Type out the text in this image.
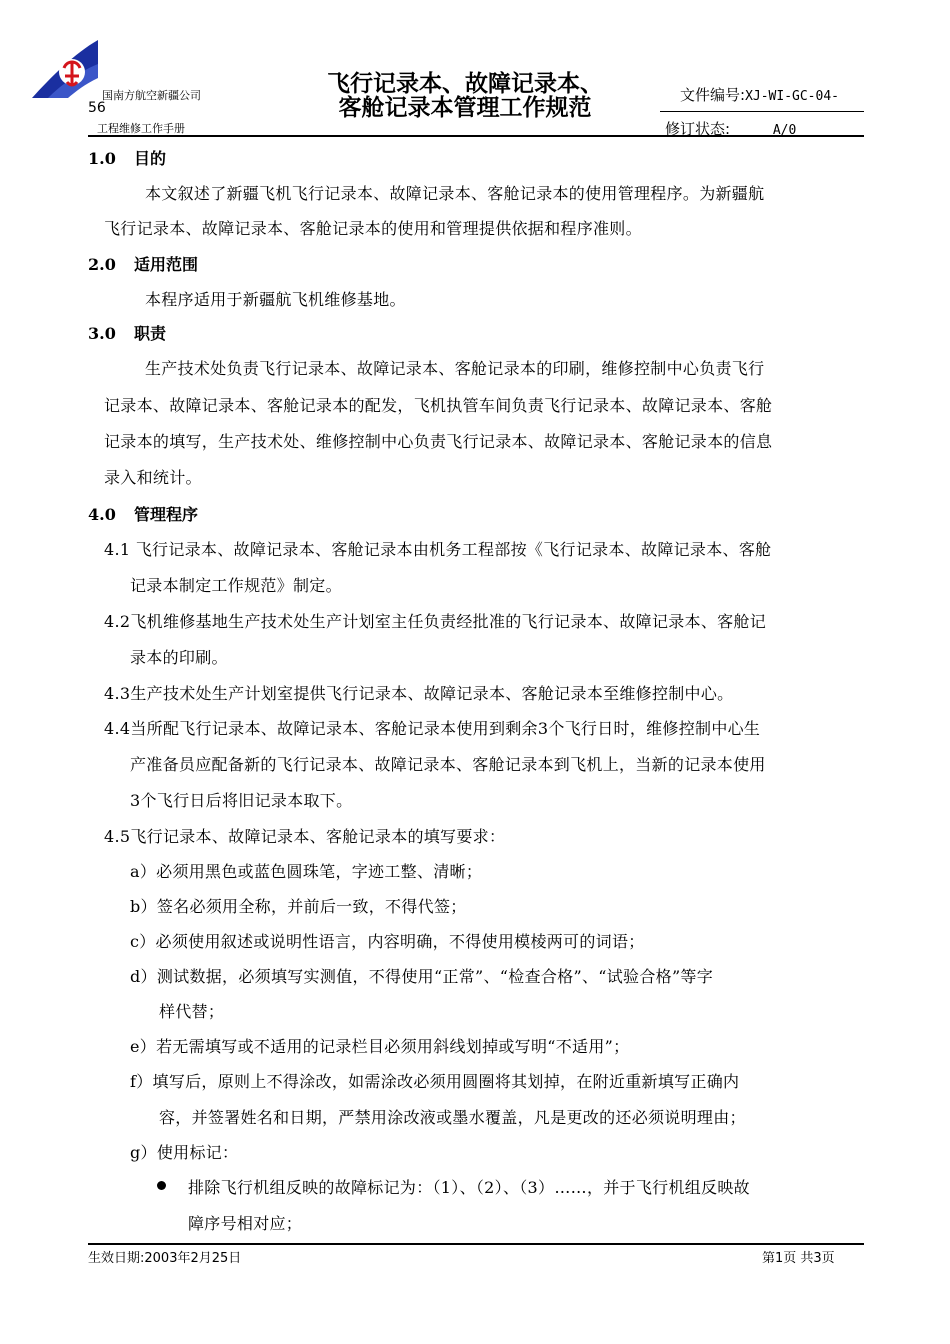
国南方航空新疆公司
56
工程维修工作手册
飞行记录本、故障记录本、
客舱记录本管理工作规范	文件编号:XJ-WI-GC-04-
修订状态:	A/0
1.0 目的
本文叙述了新疆飞机飞行记录本、故障记录本、客舱记录本的使用管理程序。为新疆航
飞行记录本、故障记录本、客舱记录本的使用和管理提供依据和程序准则。
2.0 适用范围
本程序适用于新疆航飞机维修基地。
3.0 职责
生产技术处负责飞行记录本、故障记录本、客舱记录本的印刷，维修控制中心负责飞行
记录本、故障记录本、客舱记录本的配发，飞机执管车间负责飞行记录本、故障记录本、客舱
记录本的填写，生产技术处、维修控制中心负责飞行记录本、故障记录本、客舱记录本的信息
录入和统计。
4.0 管理程序
4.1 飞行记录本、故障记录本、客舱记录本由机务工程部按《飞行记录本、故障记录本、客舱
记录本制定工作规范》制定。
4.2飞机维修基地生产技术处生产计划室主任负责经批准的飞行记录本、故障记录本、客舱记
录本的印刷。
4.3生产技术处生产计划室提供飞行记录本、故障记录本、客舱记录本至维修控制中心。
4.4当所配飞行记录本、故障记录本、客舱记录本使用到剩余3个飞行日时，维修控制中心生
产准备员应配备新的飞行记录本、故障记录本、客舱记录本到飞机上，当新的记录本使用
3个飞行日后将旧记录本取下。
4.5飞行记录本、故障记录本、客舱记录本的填写要求：
a）必须用黑色或蓝色圆珠笔，字迹工整、清晰；
b）签名必须用全称，并前后一致，不得代签；
c）必须使用叙述或说明性语言，内容明确，不得使用模棱两可的词语；
d）测试数据，必须填写实测值，不得使用“正常”、“检查合格”、“试验合格”等字
样代替；
e）若无需填写或不适用的记录栏目必须用斜线划掉或写明“不适用”；
f）填写后，原则上不得涂改，如需涂改必须用圆圈将其划掉，在附近重新填写正确内
容，并签署姓名和日期，严禁用涂改液或墨水覆盖，凡是更改的还必须说明理由；
g）使用标记：
排除飞行机组反映的故障标记为：（1）、（2）、（3）……，并于飞行机组反映故
障序号相对应；
生效日期:2003年2月25日	第1页 共3页
